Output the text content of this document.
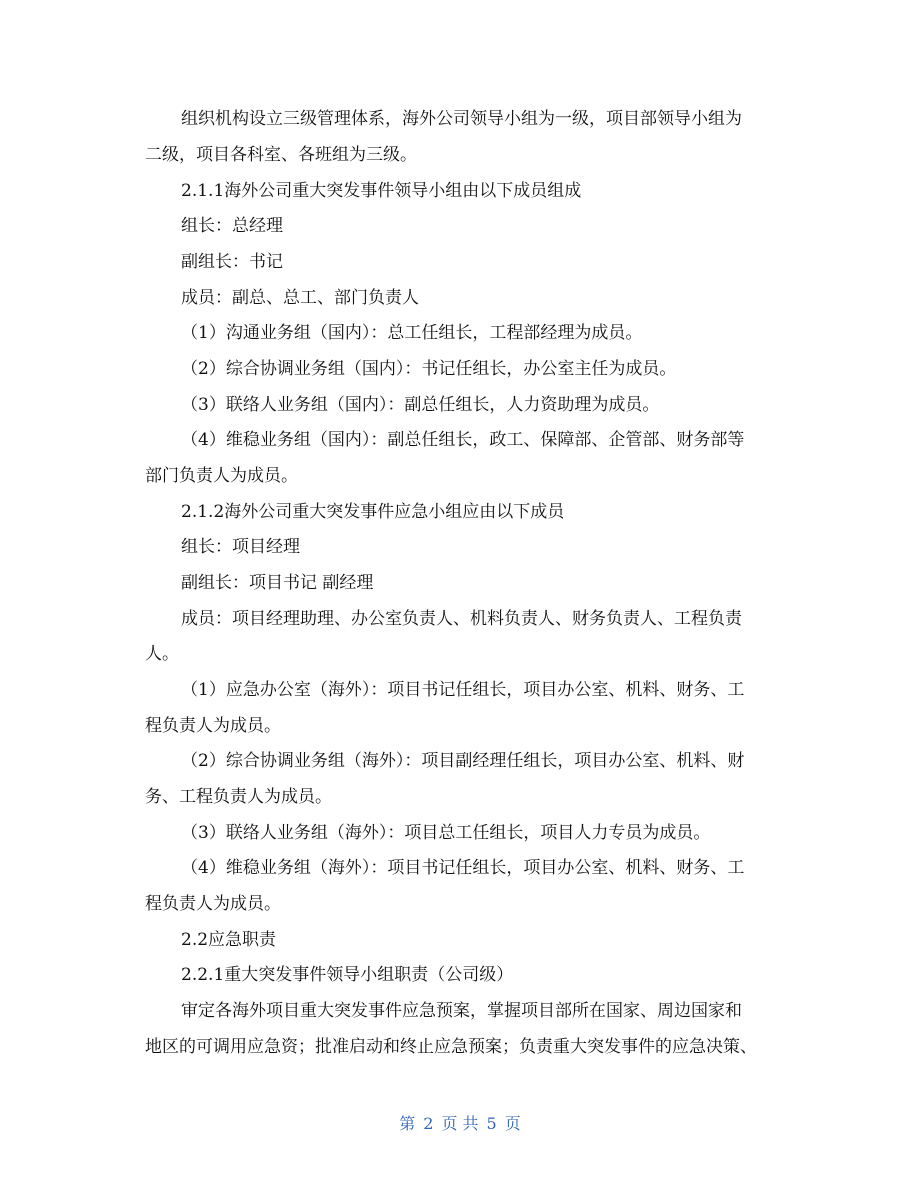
组织机构设立三级管理体系，海外公司领导小组为一级，项目部领导小组为
二级，项目各科室、各班组为三级。
2.1.1海外公司重大突发事件领导小组由以下成员组成
组长：总经理
副组长：书记
成员：副总、总工、部门负责人
（1）沟通业务组（国内）：总工任组长，工程部经理为成员。
（2）综合协调业务组（国内）：书记任组长，办公室主任为成员。
（3）联络人业务组（国内）：副总任组长，人力资助理为成员。
（4）维稳业务组（国内）：副总任组长，政工、保障部、企管部、财务部等
部门负责人为成员。
2.1.2海外公司重大突发事件应急小组应由以下成员
组长：项目经理
副组长：项目书记 副经理
成员：项目经理助理、办公室负责人、机料负责人、财务负责人、工程负责
人。
（1）应急办公室（海外）：项目书记任组长，项目办公室、机料、财务、工
程负责人为成员。
（2）综合协调业务组（海外）：项目副经理任组长，项目办公室、机料、财
务、工程负责人为成员。
（3）联络人业务组（海外）：项目总工任组长，项目人力专员为成员。
（4）维稳业务组（海外）：项目书记任组长，项目办公室、机料、财务、工
程负责人为成员。
2.2应急职责
2.2.1重大突发事件领导小组职责（公司级）
审定各海外项目重大突发事件应急预案，掌握项目部所在国家、周边国家和
地区的可调用应急资；批准启动和终止应急预案；负责重大突发事件的应急决策、
第 2 页 共 5 页
